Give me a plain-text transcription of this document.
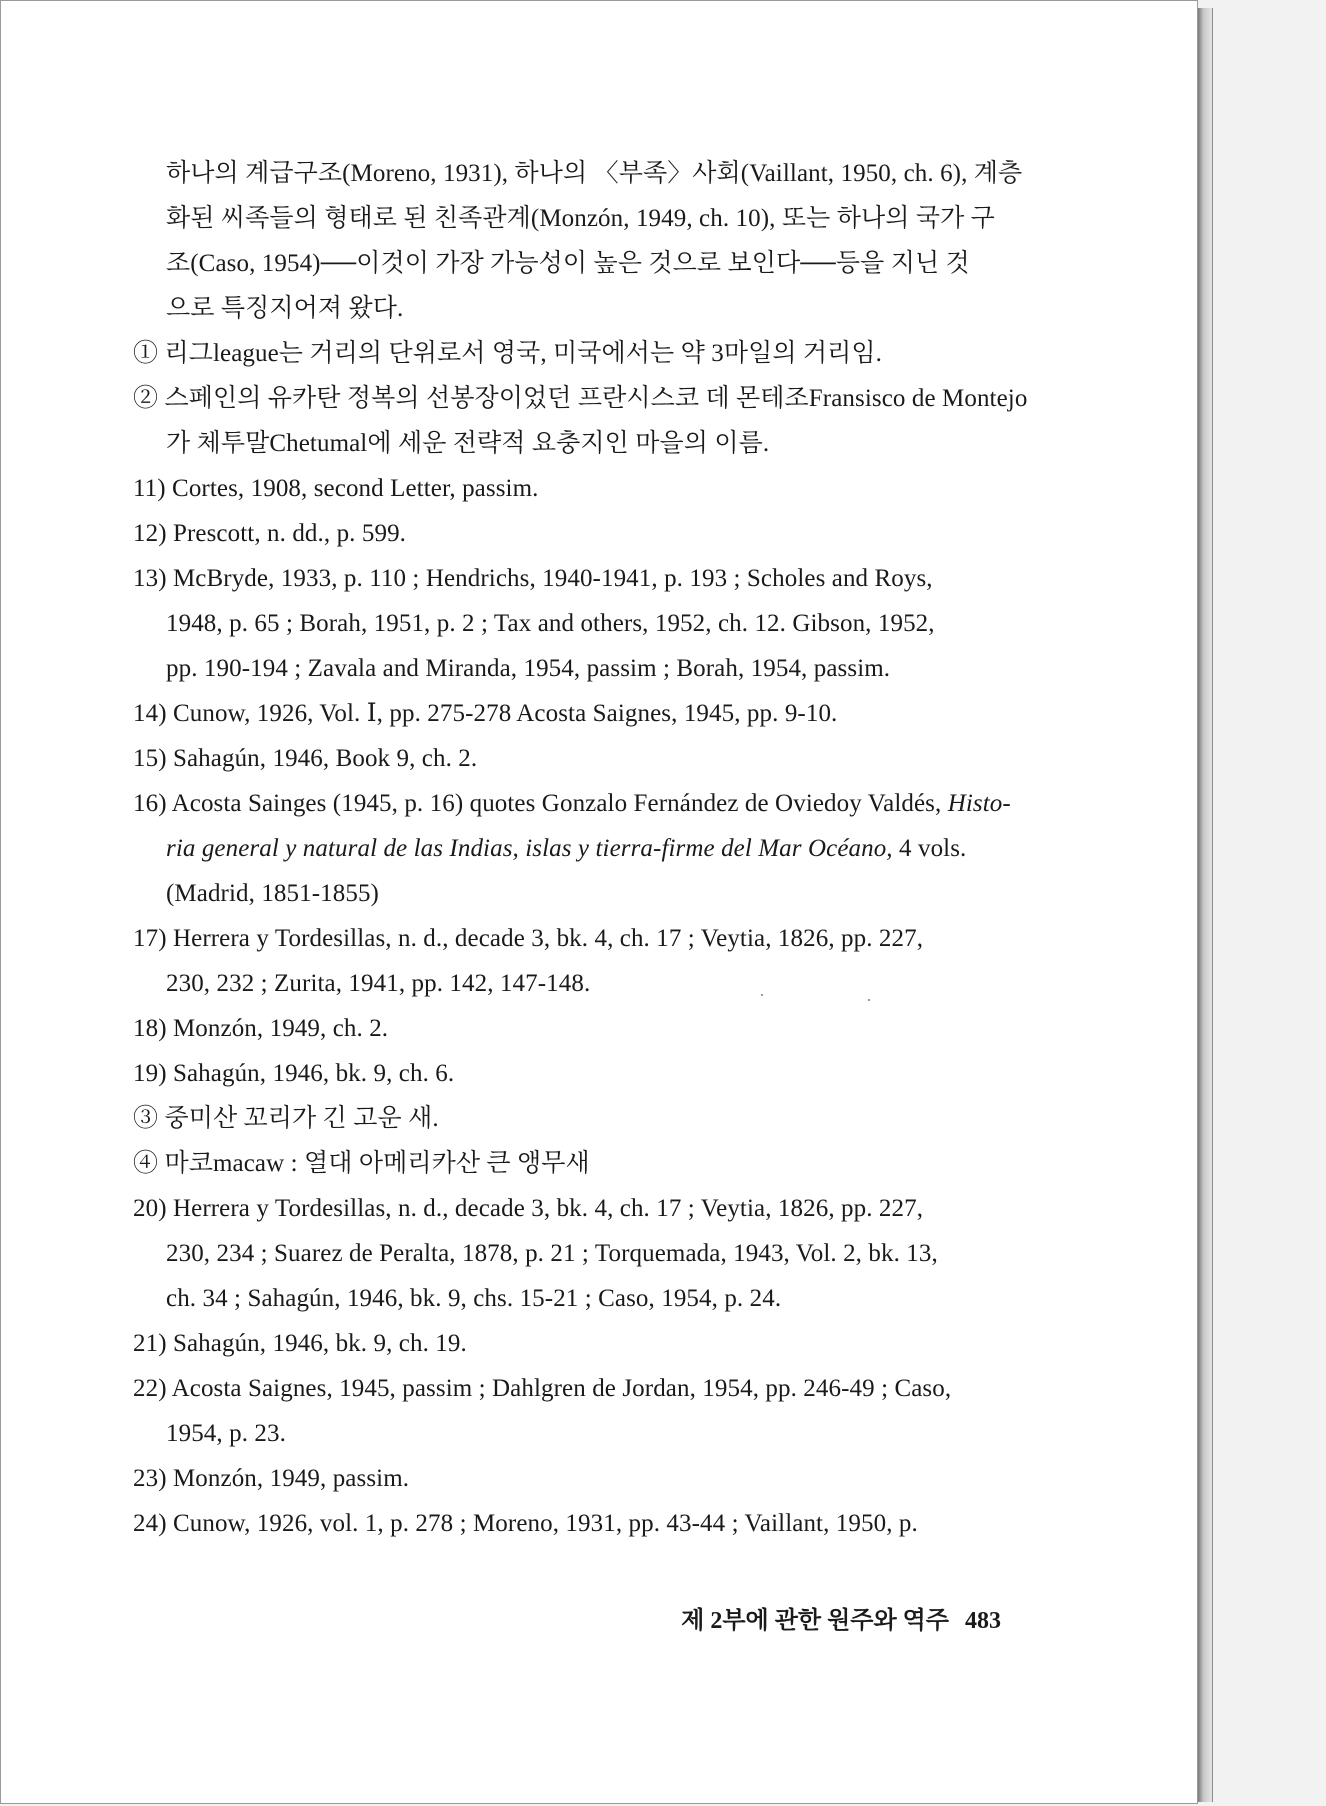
하나의 계급구조(Moreno, 1931), 하나의 〈부족〉사회(Vaillant, 1950, ch. 6), 계층
화된 씨족들의 형태로 된 친족관계(Monzón, 1949, ch. 10), 또는 하나의 국가 구
조(Caso, 1954)──이것이 가장 가능성이 높은 것으로 보인다──등을 지닌 것
으로 특징지어져 왔다.
① 리그league는 거리의 단위로서 영국, 미국에서는 약 3마일의 거리임.
② 스페인의 유카탄 정복의 선봉장이었던 프란시스코 데 몬테조Fransisco de Montejo
가 체투말Chetumal에 세운 전략적 요충지인 마을의 이름.
11) Cortes, 1908, second Letter, passim.
12) Prescott, n. dd., p. 599.
13) McBryde, 1933, p. 110 ; Hendrichs, 1940-1941, p. 193 ; Scholes and Roys,
1948, p. 65 ; Borah, 1951, p. 2 ; Tax and others, 1952, ch. 12. Gibson, 1952,
pp. 190-194 ; Zavala and Miranda, 1954, passim ; Borah, 1954, passim.
14) Cunow, 1926, Vol. Ⅰ, pp. 275-278 Acosta Saignes, 1945, pp. 9-10.
15) Sahagún, 1946, Book 9, ch. 2.
16) Acosta Sainges (1945, p. 16) quotes Gonzalo Fernández de Oviedoy Valdés, Histo-
ria general y natural de las Indias, islas y tierra-firme del Mar Océano, 4 vols.
(Madrid, 1851-1855)
17) Herrera y Tordesillas, n. d., decade 3, bk. 4, ch. 17 ; Veytia, 1826, pp. 227,
230, 232 ; Zurita, 1941, pp. 142, 147-148.
18) Monzón, 1949, ch. 2.
19) Sahagún, 1946, bk. 9, ch. 6.
③ 중미산 꼬리가 긴 고운 새.
④ 마코macaw : 열대 아메리카산 큰 앵무새
20) Herrera y Tordesillas, n. d., decade 3, bk. 4, ch. 17 ; Veytia, 1826, pp. 227,
230, 234 ; Suarez de Peralta, 1878, p. 21 ; Torquemada, 1943, Vol. 2, bk. 13,
ch. 34 ; Sahagún, 1946, bk. 9, chs. 15-21 ; Caso, 1954, p. 24.
21) Sahagún, 1946, bk. 9, ch. 19.
22) Acosta Saignes, 1945, passim ; Dahlgren de Jordan, 1954, pp. 246-49 ; Caso,
1954, p. 23.
23) Monzón, 1949, passim.
24) Cunow, 1926, vol. 1, p. 278 ; Moreno, 1931, pp. 43-44 ; Vaillant, 1950, p.
제 2부에 관한 원주와 역주 483
